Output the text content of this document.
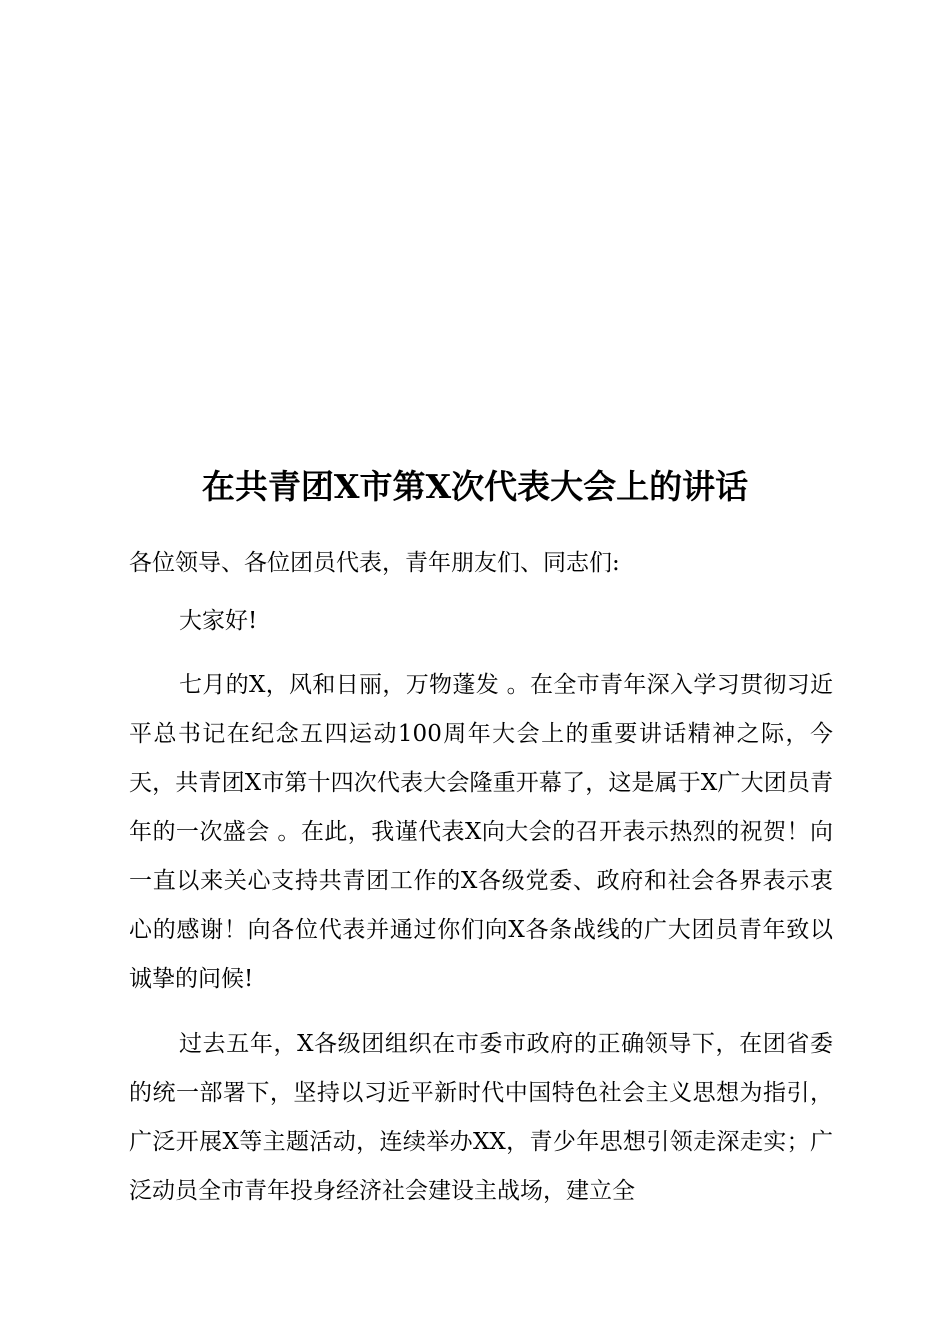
在共青团X市第X次代表大会上的讲话

各位领导、各位团员代表，青年朋友们、同志们:

大家好!

七月的X，风和日丽，万物蓬发 。在全市青年深入学习贯彻习近平总书记在纪念五四运动100周年大会上的重要讲话精神之际，今天，共青团X市第十四次代表大会隆重开幕了，这是属于X广大团员青年的一次盛会 。在此，我谨代表X向大会的召开表示热烈的祝贺！向一直以来关心支持共青团工作的X各级党委、政府和社会各界表示衷心的感谢！向各位代表并通过你们向X各条战线的广大团员青年致以诚挚的问候!

过去五年，X各级团组织在市委市政府的正确领导下，在团省委的统一部署下，坚持以习近平新时代中国特色社会主义思想为指引，广泛开展X等主题活动，连续举办XX，青少年思想引领走深走实；广泛动员全市青年投身经济社会建设主战场，建立全
